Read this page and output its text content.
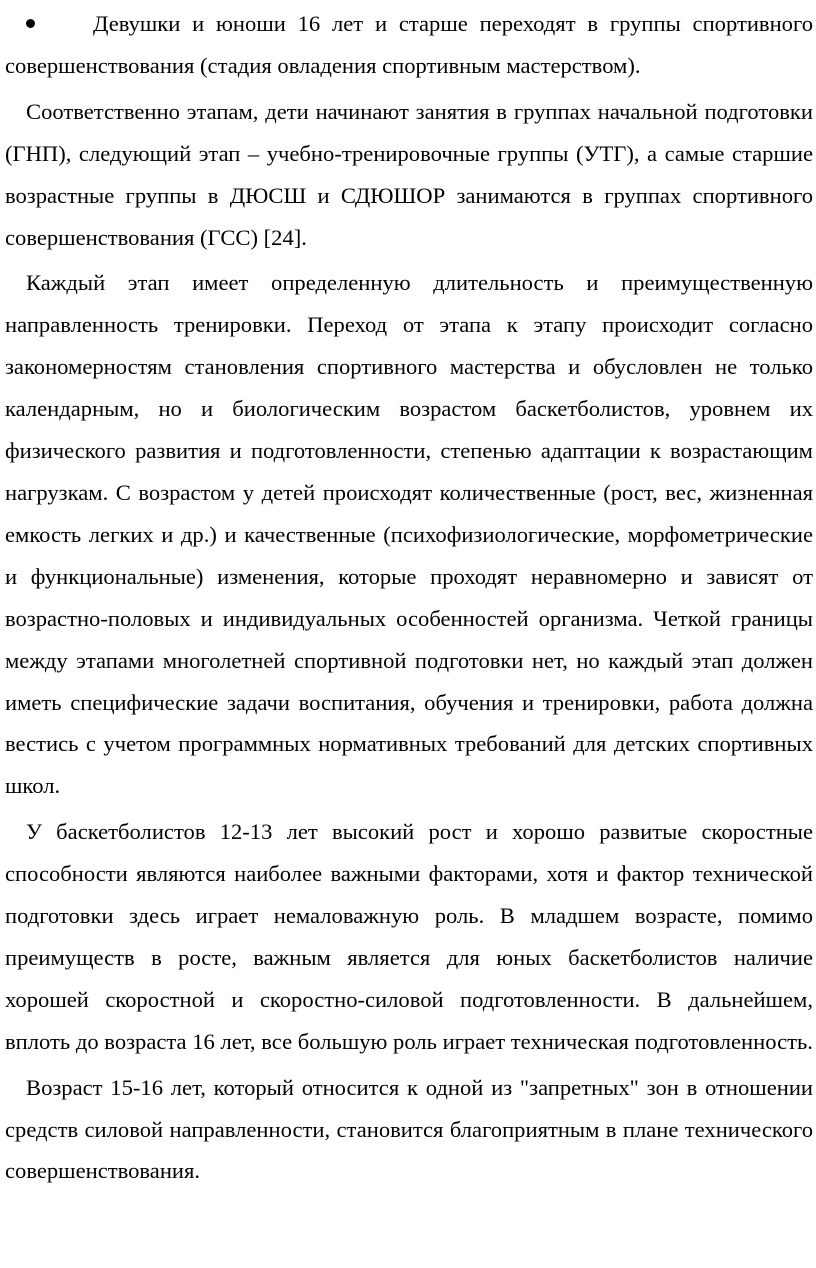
Девушки и юноши 16 лет и старше переходят в группы спортивного совершенствования (стадия овладения спортивным мастерством).

Соответственно этапам, дети начинают занятия в группах начальной подготовки (ГНП), следующий этап – учебно-тренировочные группы (УТГ), а самые старшие возрастные группы в ДЮСШ и СДЮШОР занимаются в группах спортивного совершенствования (ГСС) [24].

Каждый этап имеет определенную длительность и преимущественную направленность тренировки. Переход от этапа к этапу происходит согласно закономерностям становления спортивного мастерства и обусловлен не только календарным, но и биологическим возрастом баскетболистов, уровнем их физического развития и подготовленности, степенью адаптации к возрастающим нагрузкам. С возрастом у детей происходят количественные (рост, вес, жизненная емкость легких и др.) и качественные (психофизиологические, морфометрические и функциональные) изменения, которые проходят неравномерно и зависят от возрастно-половых и индивидуальных особенностей организма. Четкой границы между этапами многолетней спортивной подготовки нет, но каждый этап должен иметь специфические задачи воспитания, обучения и тренировки, работа должна вестись с учетом программных нормативных требований для детских спортивных школ.

У баскетболистов 12-13 лет высокий рост и хорошо развитые скоростные способности являются наиболее важными факторами, хотя и фактор технической подготовки здесь играет немаловажную роль. В младшем возрасте, помимо преимуществ в росте, важным является для юных баскетболистов наличие хорошей скоростной и скоростно-силовой подготовленности. В дальнейшем, вплоть до возраста 16 лет, все большую роль играет техническая подготовленность.

Возраст 15-16 лет, который относится к одной из "запретных" зон в отношении средств силовой направленности, становится благоприятным в плане технического совершенствования.
